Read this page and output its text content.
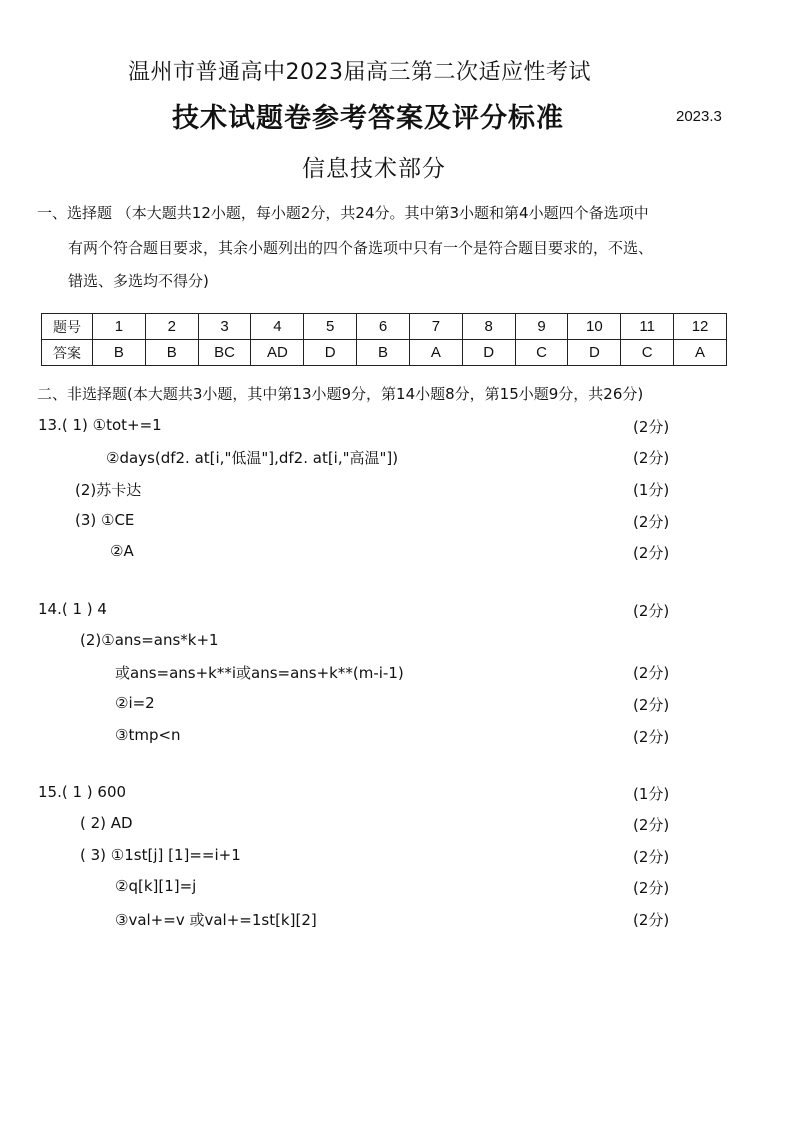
温州市普通高中2023届高三第二次适应性考试
技术试题卷参考答案及评分标准	2023.3
信息技术部分
一、选择题 （本大题共12小题，每小题2分，共24分。其中第3小题和第4小题四个备选项中
有两个符合题目要求，其余小题列出的四个备选项中只有一个是符合题目要求的，不选、
错选、多选均不得分)
题号	1	2	3	4	5	6	7	8	9	10	11	12
答案	B	B	BC	AD	D	B	A	D	C	D	C	A
二、非选择题(本大题共3小题，其中第13小题9分，第14小题8分，第15小题9分，共26分)
13.( 1) ①tot+=1	(2分)
②days(df2. at[i,"低温"],df2. at[i,"高温"])	(2分)
(2)苏卡达	(1分)
(3) ①CE	(2分)
②A	(2分)
14.( 1 ) 4	(2分)
(2)①ans=ans*k+1
或ans=ans+k**i或ans=ans+k**(m-i-1)	(2分)
②i=2	(2分)
③tmp<n	(2分)
15.( 1 ) 600	(1分)
( 2) AD	(2分)
( 3) ①1st[j] [1]==i+1	(2分)
②q[k][1]=j	(2分)
③val+=v 或val+=1st[k][2]	(2分)
